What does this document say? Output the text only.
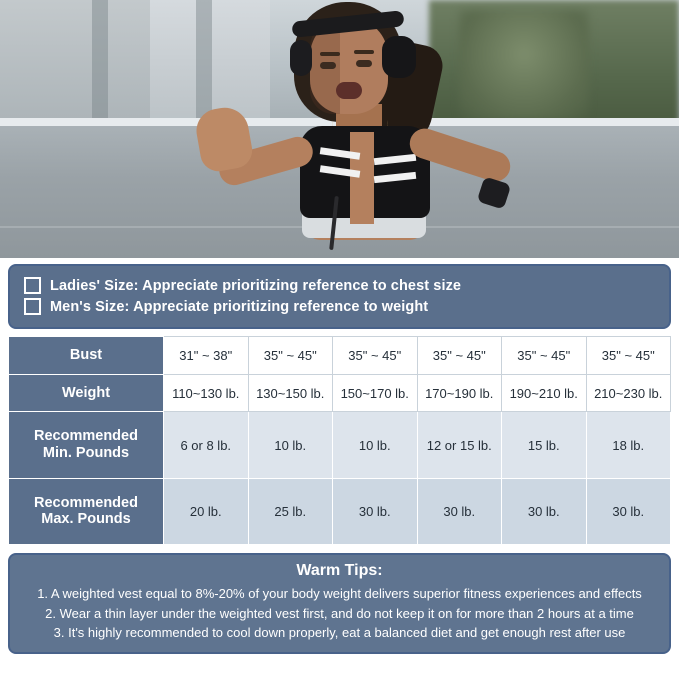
Ladies' Size: Appreciate prioritizing reference to chest size
Men's Size: Appreciate prioritizing reference to weight
Bust	31" ~ 38"	35" ~ 45"	35" ~ 45"	35" ~ 45"	35" ~ 45"	35" ~ 45"
Weight	110~130 lb.	130~150 lb.	150~170 lb.	170~190 lb.	190~210 lb.	210~230 lb.
Recommended
Min. Pounds	6 or 8 lb.	10 lb.	10 lb.	12 or 15 lb.	15 lb.	18 lb.
Recommended
Max. Pounds	20 lb.	25 lb.	30 lb.	30 lb.	30 lb.	30 lb.
Warm Tips:
1. A weighted vest equal to 8%-20% of your body weight delivers superior fitness experiences and effects
2. Wear a thin layer under the weighted vest first, and do not keep it on for more than 2 hours at a time
3. It's highly recommended to cool down properly, eat a balanced diet and get enough rest after use
